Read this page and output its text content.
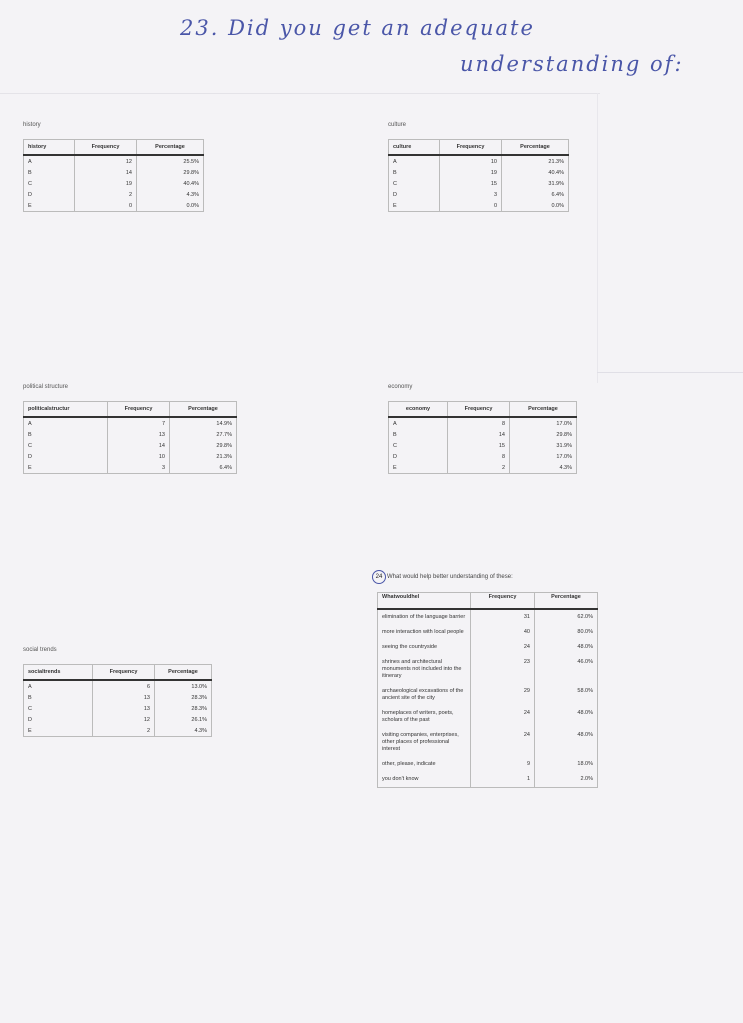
23. Did you get an adequate
understanding of:
history
history	Frequency	Percentage
A	12	25.5%
B	14	29.8%
C	19	40.4%
D	2	4.3%
E	0	0.0%
culture
culture	Frequency	Percentage
A	10	21.3%
B	19	40.4%
C	15	31.9%
D	3	6.4%
E	0	0.0%
political structure
politicalstructur	Frequency	Percentage
A	7	14.9%
B	13	27.7%
C	14	29.8%
D	10	21.3%
E	3	6.4%
economy
economy	Frequency	Percentage
A	8	17.0%
B	14	29.8%
C	15	31.9%
D	8	17.0%
E	2	4.3%
social trends
socialtrends	Frequency	Percentage
A	6	13.0%
B	13	28.3%
C	13	28.3%
D	12	26.1%
E	2	4.3%
24 What would help better understanding of these:
Whatwouldhel	Frequency	Percentage
elimination of the language barrier	31	62.0%
more interaction with local people	40	80.0%
seeing the countryside	24	48.0%
shrines and architectural monuments not included into the itinerary	23	46.0%
archaeological excavations of the ancient site of the city	29	58.0%
homeplaces of writers, poets, scholars of the past	24	48.0%
visiting companies, enterprises, other places of professional interest	24	48.0%
other, please, indicate	9	18.0%
you don't know	1	2.0%
